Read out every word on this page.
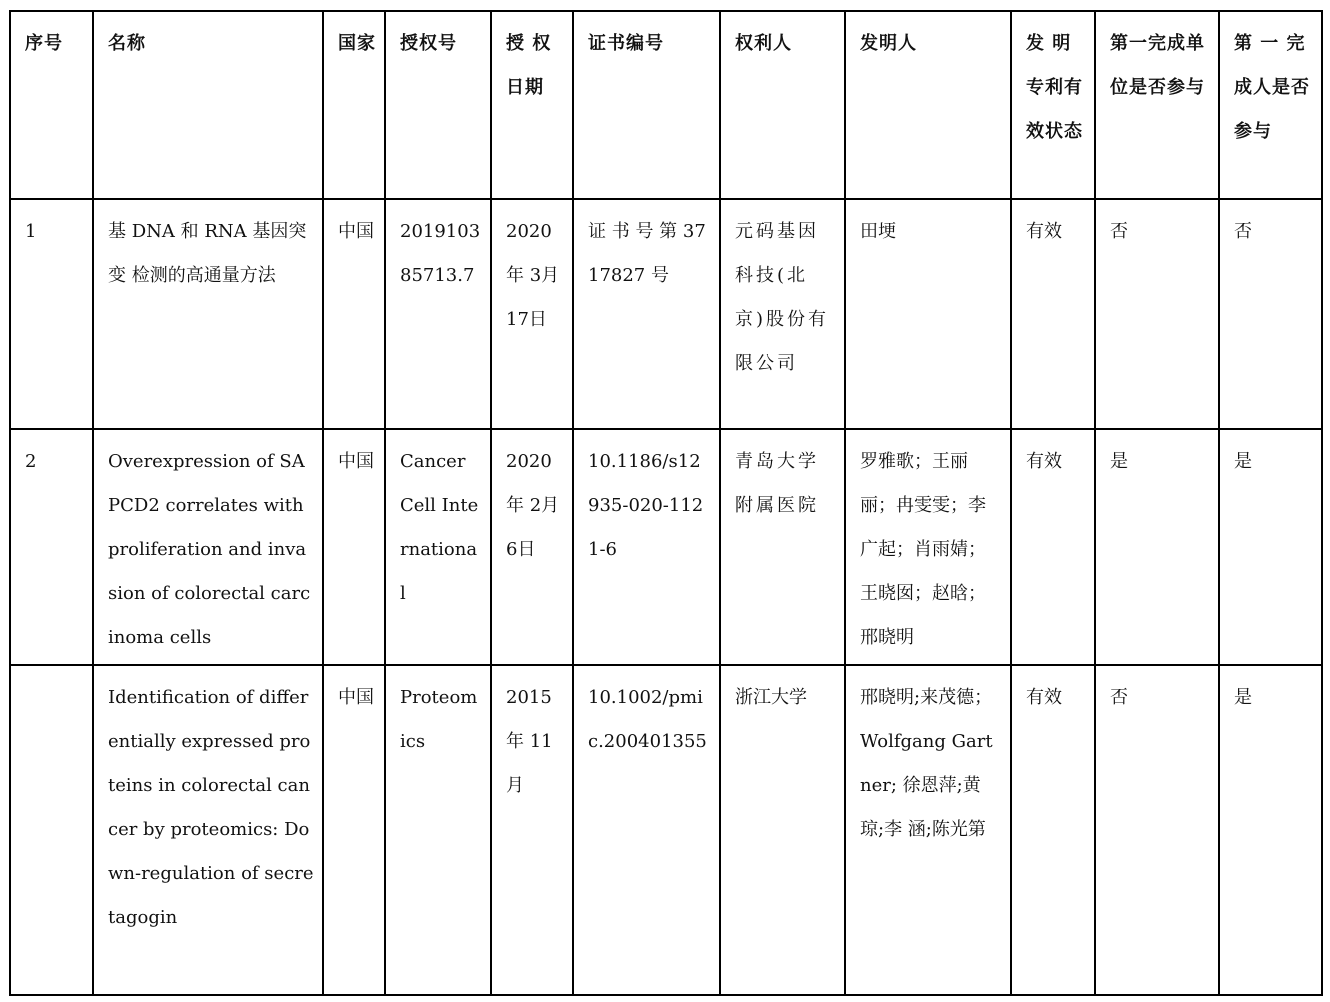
序号	名称	国家	授权号	授 权日期	证书编号	权利人	发明人	发 明专利有 效状态	第一完成单位是否参与	第 一 完成人是否参与
1	基 DNA 和 RNA 基因突变 检测的高通量方法	中国	201910385713.7	2020年 3月 17日	证 书 号 第 3717827 号	元码基因科技(北京)股份有限公司	田埂	有效	否	否
2	Overexpression of SAPCD2 correlates with proliferation and invasion of colorectal carcinoma cells	中国	Cancer Cell International	2020年 2月 6日	10.1186/s12935-020-1121-6	青岛大学附属医院	罗雅歌；王丽丽；冉雯雯；李广起；肖雨婧；王晓囡；赵晗；邢晓明	有效	是	是
	Identification of differentially expressed proteins in colorectal cancer by proteomics: Down-regulation of secretagogin	中国	Proteomics	2015年 11月	10.1002/pmic.200401355	浙江大学	邢晓明;来茂德；Wolfgang Gartner; 徐恩萍;黄琼;李 涵;陈光第	有效	否	是
